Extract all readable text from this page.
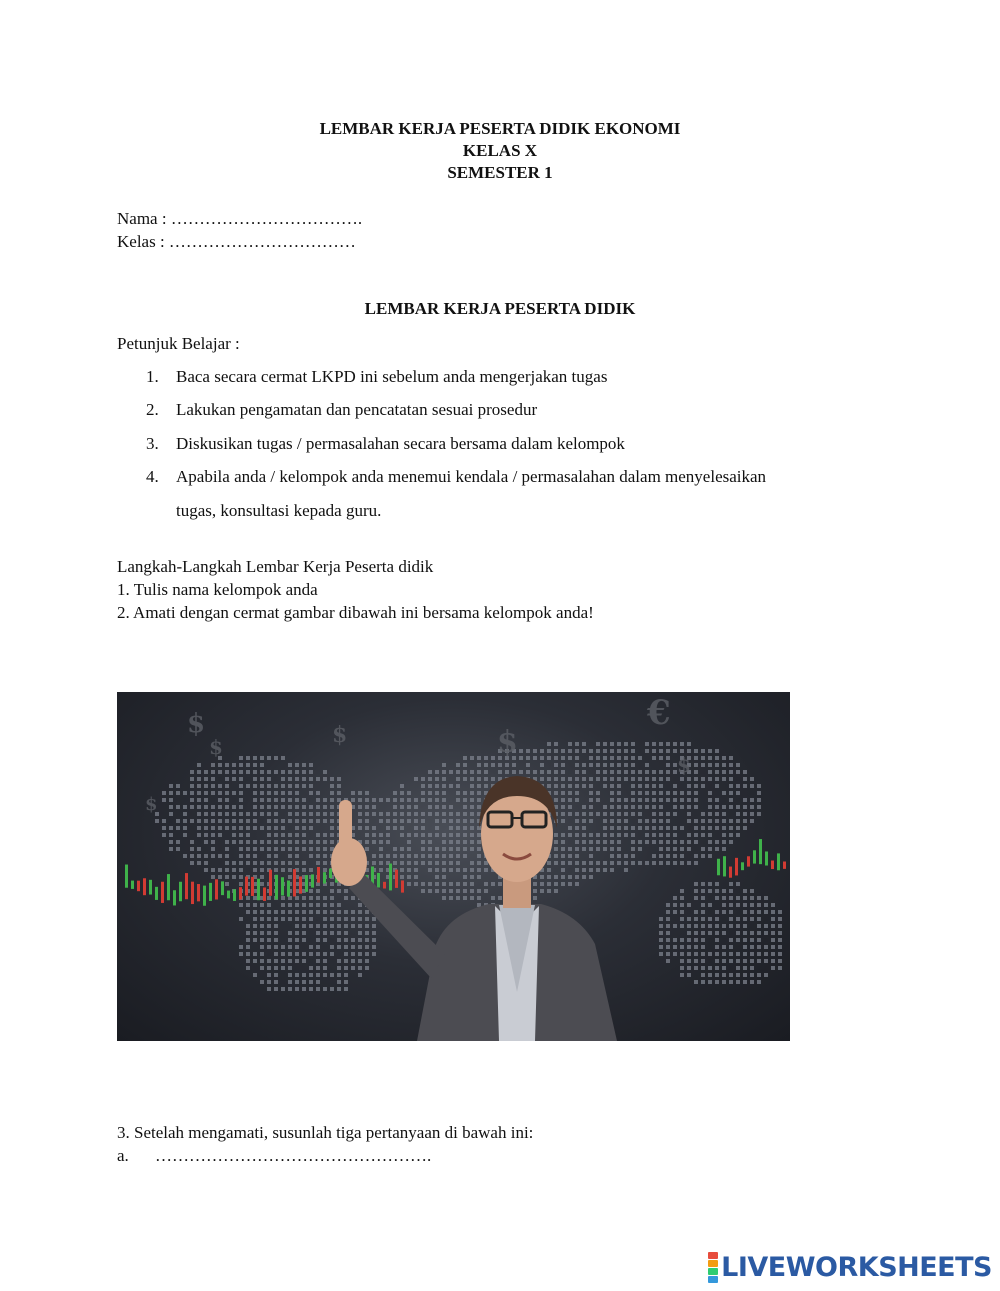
LEMBAR KERJA PESERTA DIDIK EKONOMI
KELAS X
SEMESTER 1
Nama : …………………………….
Kelas : ……………………………
LEMBAR KERJA PESERTA DIDIK
Petunjuk Belajar :
1. Baca secara cermat LKPD ini sebelum anda mengerjakan tugas
2. Lakukan pengamatan dan pencatatan sesuai prosedur
3. Diskusikan tugas / permasalahan secara bersama dalam kelompok
4. Apabila anda / kelompok anda menemui kendala / permasalahan dalam menyelesaikan
tugas, konsultasi kepada guru.
Langkah-Langkah Lembar Kerja Peserta didik
1. Tulis nama kelompok anda
2. Amati dengan cermat gambar dibawah ini bersama kelompok anda!
$
$	$	$
€
$
$
3. Setelah mengamati, susunlah tiga pertanyaan di bawah ini:
a. ………………………………………….
LIVEWORKSHEETS
